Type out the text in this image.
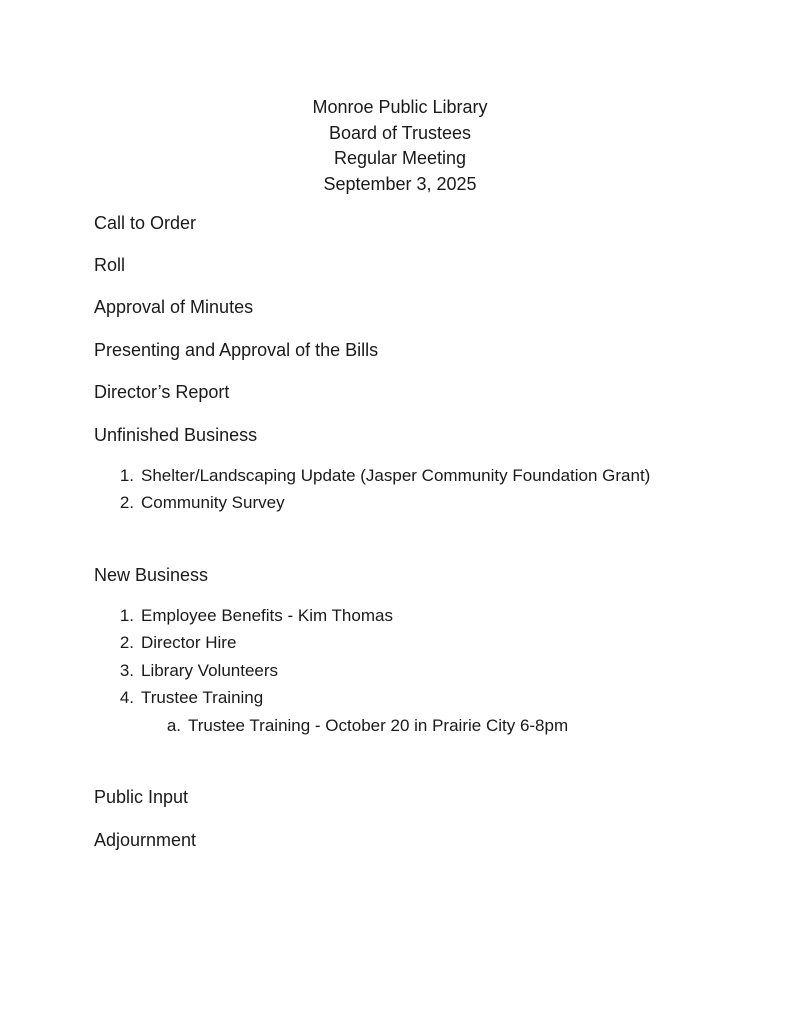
Monroe Public Library
Board of Trustees
Regular Meeting
September 3, 2025
Call to Order
Roll
Approval of Minutes
Presenting and Approval of the Bills
Director’s Report
Unfinished Business
1. Shelter/Landscaping Update (Jasper Community Foundation Grant)
2. Community Survey
New Business
1. Employee Benefits - Kim Thomas
2. Director Hire
3. Library Volunteers
4. Trustee Training
a. Trustee Training - October 20 in Prairie City 6-8pm
Public Input
Adjournment
